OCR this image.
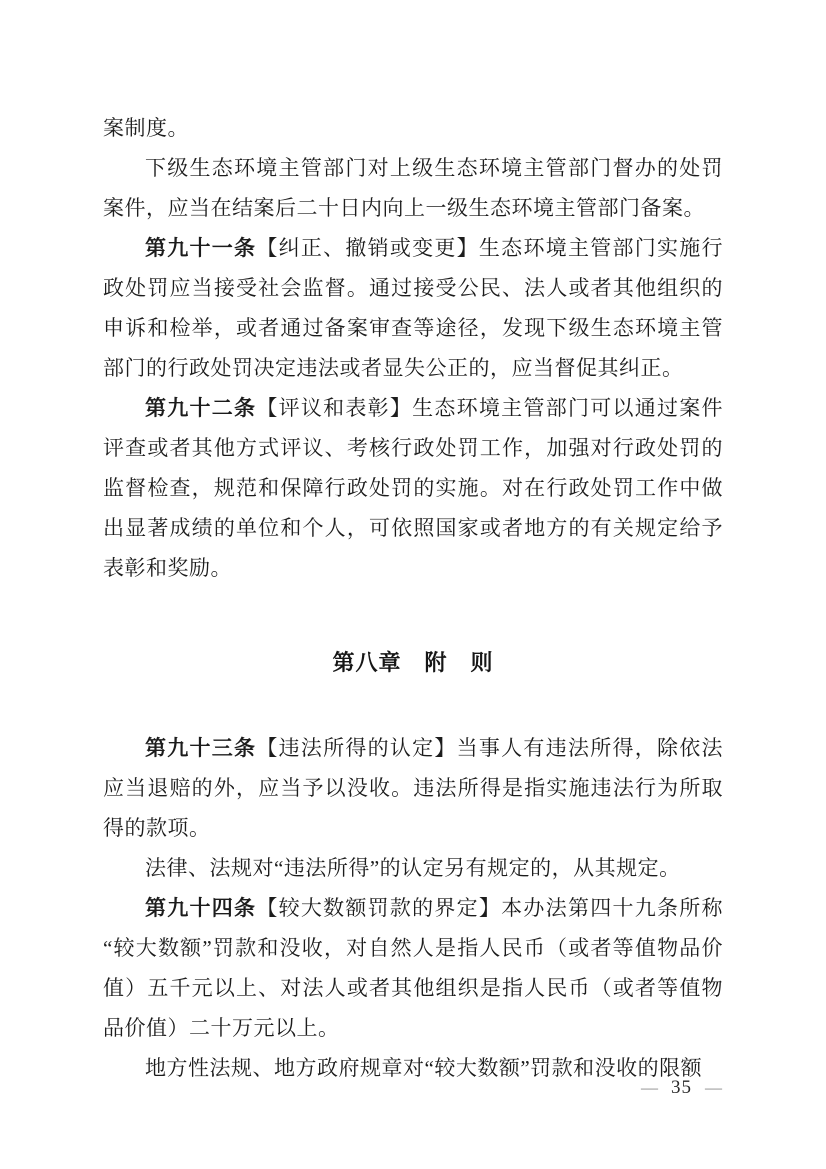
案制度。

下级生态环境主管部门对上级生态环境主管部门督办的处罚案件，应当在结案后二十日内向上一级生态环境主管部门备案。

第九十一条【纠正、撤销或变更】生态环境主管部门实施行政处罚应当接受社会监督。通过接受公民、法人或者其他组织的申诉和检举，或者通过备案审查等途径，发现下级生态环境主管部门的行政处罚决定违法或者显失公正的，应当督促其纠正。

第九十二条【评议和表彰】生态环境主管部门可以通过案件评查或者其他方式评议、考核行政处罚工作，加强对行政处罚的监督检查，规范和保障行政处罚的实施。对在行政处罚工作中做出显著成绩的单位和个人，可依照国家或者地方的有关规定给予表彰和奖励。

第八章　附　则

第九十三条【违法所得的认定】当事人有违法所得，除依法应当退赔的外，应当予以没收。违法所得是指实施违法行为所取得的款项。

法律、法规对“违法所得”的认定另有规定的，从其规定。

第九十四条【较大数额罚款的界定】本办法第四十九条所称“较大数额”罚款和没收，对自然人是指人民币（或者等值物品价值）五千元以上、对法人或者其他组织是指人民币（或者等值物品价值）二十万元以上。

地方性法规、地方政府规章对“较大数额”罚款和没收的限额

— 35 —
